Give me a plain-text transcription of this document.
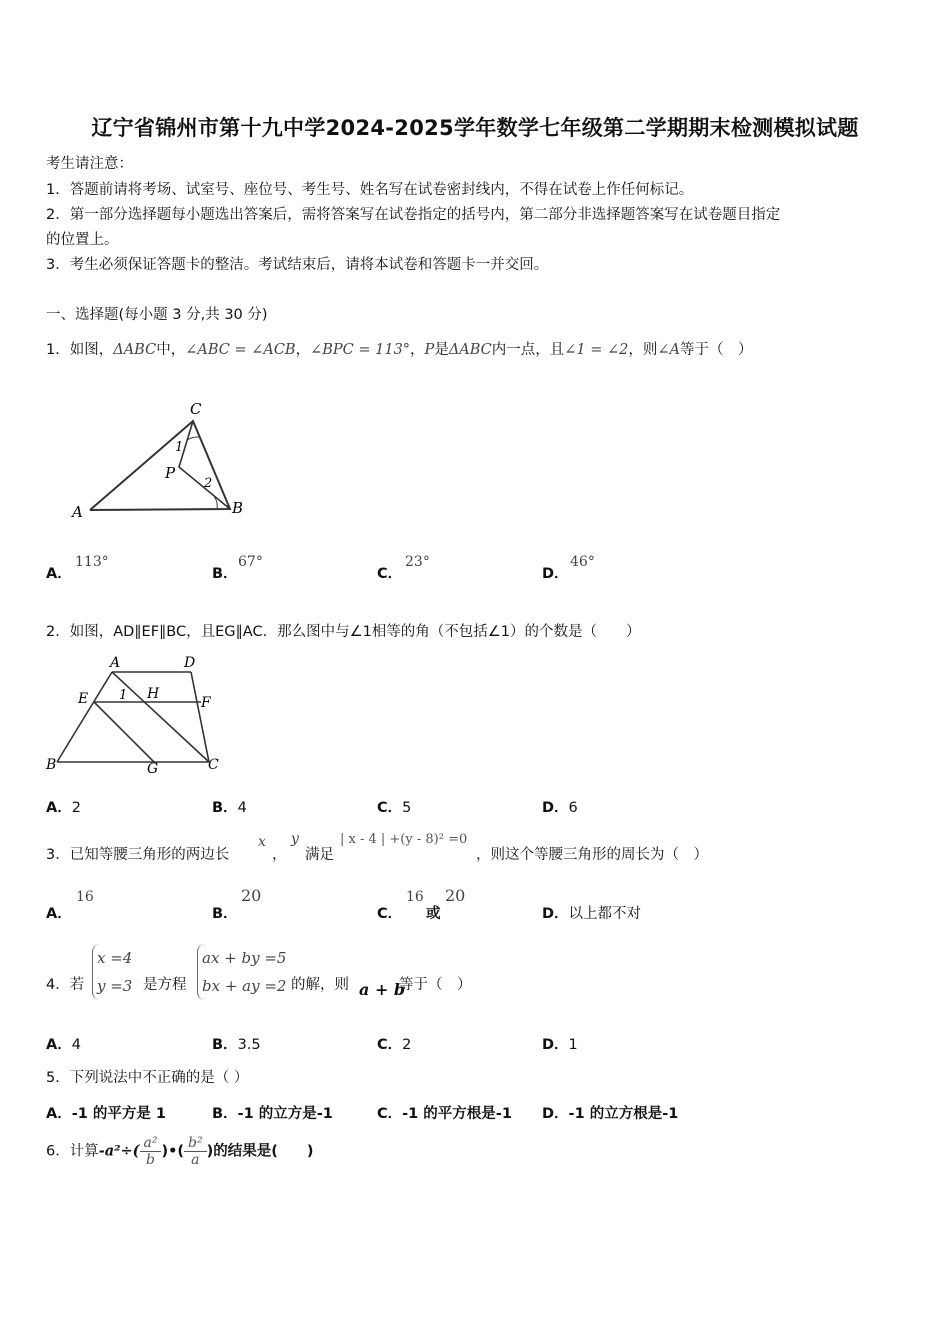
辽宁省锦州市第十九中学2024-2025学年数学七年级第二学期期末检测模拟试题
考生请注意：
1．答题前请将考场、试室号、座位号、考生号、姓名写在试卷密封线内，不得在试卷上作任何标记。
2．第一部分选择题每小题选出答案后，需将答案写在试卷指定的括号内，第二部分非选择题答案写在试卷题目指定
的位置上。
3．考生必须保证答题卡的整洁。考试结束后，请将本试卷和答题卡一并交回。
一、选择题(每小题 3 分,共 30 分)
1．如图，ΔABC中，∠ABC = ∠ACB，∠BPC = 113°，P是ΔABC内一点，且∠1 = ∠2，则∠A等于（　）
C
1
P
2
A	B
A．
113°
B．
67°
C．
23°
D．
46°
2．如图，AD∥EF∥BC，且EG∥AC．那么图中与∠1相等的角（不包括∠1）的个数是（　　）
A	D
E 1 H
F
B	G	C
A．2	B．4	C．5	D．6
3．已知等腰三角形的两边长
x
，
y
满足
| x - 4 | +(y - 8)² =0
，则这个等腰三角形的周长为（　）
A．
16
B．
20
C．
16
或
20
D．以上都不对
4．若
x =4
y =3 是方程
ax + by =5
bx + ay =2 的解，则 a + b
等于（　）
A．4	B．3.5	C．2	D．1
5．下列说法中不正确的是（ ）
A．-1 的平方是 1	B．-1 的立方是-1	C．-1 的平方根是-1 D．-1 的立方根是-1
6．计算$-a^2\div( \frac{\text{a²}}{b}$ )•( $\frac{\text{b²}}{a}$ )的结果是(　　)
